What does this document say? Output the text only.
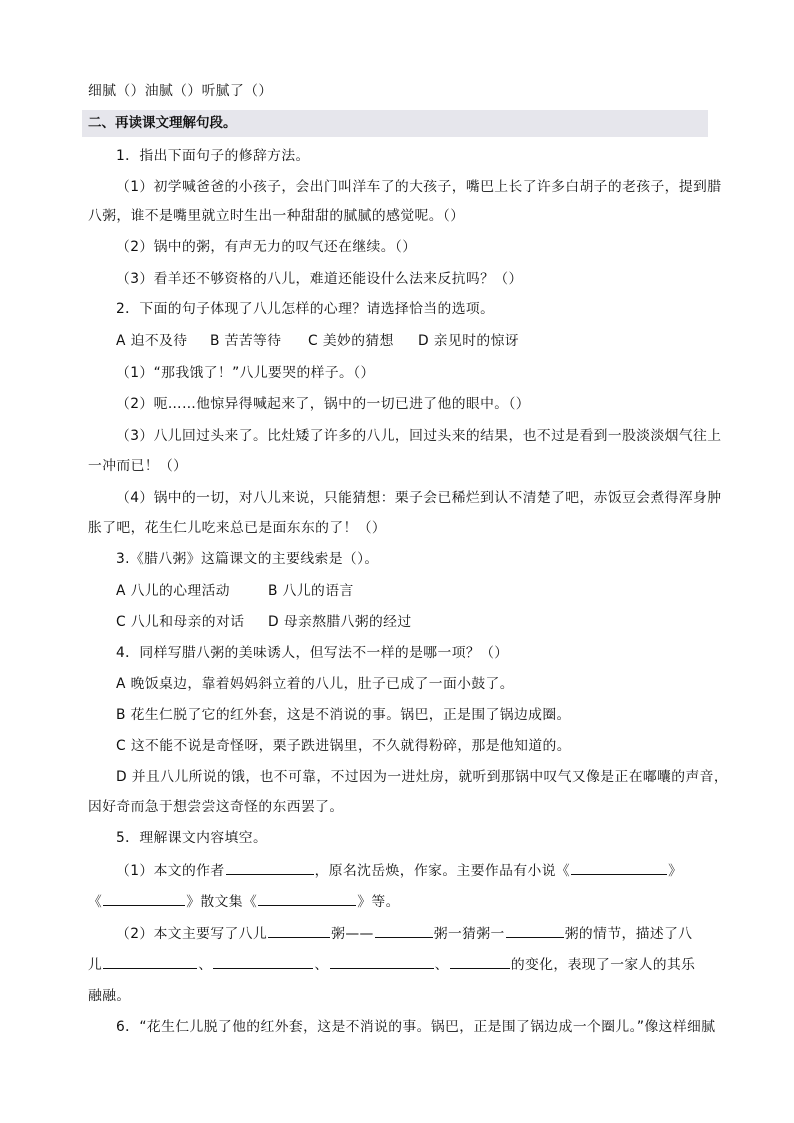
细腻（）油腻（）听腻了（）
二、再读课文理解句段。
1．指出下面句子的修辞方法。
（1）初学喊爸爸的小孩子，会出门叫洋车了的大孩子，嘴巴上长了许多白胡子的老孩子，提到腊
八粥，谁不是嘴里就立时生出一种甜甜的腻腻的感觉呢。（）
（2）锅中的粥，有声无力的叹气还在继续。（）
（3）看羊还不够资格的八儿，难道还能设什么法来反抗吗？（）
2．下面的句子体现了八儿怎样的心理？请选择恰当的选项。
A 迫不及待 B 苦苦等待 C 美妙的猜想 D 亲见时的惊讶
（1）“那我饿了！”八儿要哭的样子。（）
（2）呃……他惊异得喊起来了，锅中的一切已进了他的眼中。（）
（3）八儿回过头来了。比灶矮了许多的八儿，回过头来的结果，也不过是看到一股淡淡烟气往上
一冲而已！（）
（4）锅中的一切，对八儿来说，只能猜想：栗子会已稀烂到认不清楚了吧，赤饭豆会煮得浑身肿
胀了吧，花生仁儿吃来总已是面东东的了！（）
3.《腊八粥》这篇课文的主要线索是（）。
A 八儿的心理活动	B 八儿的语言
C 八儿和母亲的对话 D 母亲熬腊八粥的经过
4．同样写腊八粥的美味诱人，但写法不一样的是哪一项？（）
A 晚饭桌边，靠着妈妈斜立着的八儿，肚子已成了一面小鼓了。
B 花生仁脱了它的红外套，这是不消说的事。锅巴，正是围了锅边成圈。
C 这不能不说是奇怪呀，栗子跌进锅里，不久就得粉碎，那是他知道的。
D 并且八儿所说的饿，也不可靠，不过因为一进灶房，就听到那锅中叹气又像是正在嘟囔的声音，
因好奇而急于想尝尝这奇怪的东西罢了。
5．理解课文内容填空。
（1）本文的作者	，原名沈岳焕，作家。主要作品有小说《	》
《	》散文集《	》等。
（2）本文主要写了八儿	粥——	粥一猜粥一	粥的情节，描述了八
儿	、	、	、	的变化，表现了一家人的其乐
融融。
6．“花生仁儿脱了他的红外套，这是不消说的事。锅巴，正是围了锅边成一个圈儿。”像这样细腻
